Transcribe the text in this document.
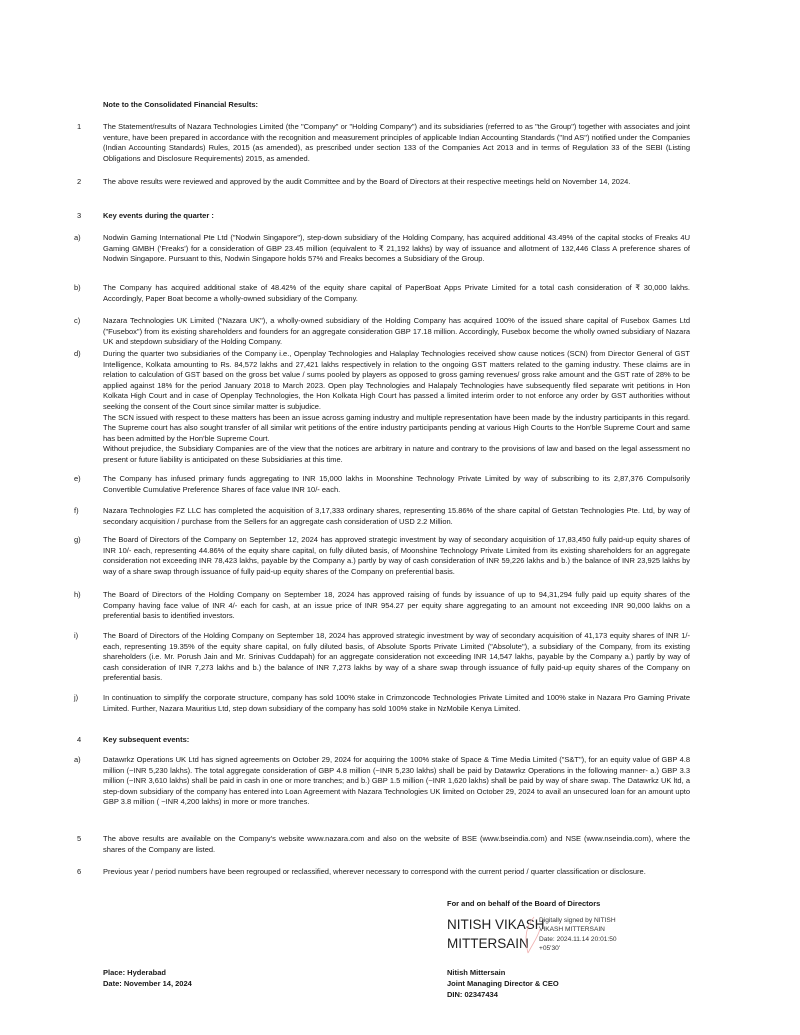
Note to the Consolidated Financial Results:
1	The Statement/results of Nazara Technologies Limited (the "Company" or "Holding Company") and its subsidiaries (referred to as "the Group") together with associates and joint venture, have been prepared in accordance with the recognition and measurement principles of applicable Indian Accounting Standards ("Ind AS") notified under the Companies (Indian Accounting Standards) Rules, 2015 (as amended), as prescribed under section 133 of the Companies Act 2013 and in terms of Regulation 33 of the SEBI (Listing Obligations and Disclosure Requirements) 2015, as amended.
2	The above results were reviewed and approved by the audit Committee and by the Board of Directors at their respective meetings held on November 14, 2024.
3	Key events during the quarter :
a)	Nodwin Gaming International Pte Ltd ("Nodwin Singapore"), step-down subsidiary of the Holding Company, has acquired additional 43.49% of the capital stocks of Freaks 4U Gaming GMBH ('Freaks') for a consideration of GBP 23.45 million (equivalent to ₹ 21,192 lakhs) by way of issuance and allotment of 132,446 Class A preference shares of Nodwin Singapore. Pursuant to this, Nodwin Singapore holds 57% and Freaks becomes a Subsidiary of the Group.
b)	The Company has acquired additional stake of 48.42% of the equity share capital of PaperBoat Apps Private Limited for a total cash consideration of ₹ 30,000 lakhs. Accordingly, Paper Boat become a wholly-owned subsidiary of the Company.
c)	Nazara Technologies UK Limited ("Nazara UK"), a wholly-owned subsidiary of the Holding Company has acquired 100% of the issued share capital of Fusebox Games Ltd ("Fusebox") from its existing shareholders and founders for an aggregate consideration GBP 17.18 million. Accordingly, Fusebox become the wholly owned subsidiary of Nazara UK and stepdown subsidiary of the Holding Company.
d)	During the quarter two subsidiaries of the Company i.e., Openplay Technologies and Halaplay Technologies received show cause notices (SCN) from Director General of GST Intelligence, Kolkata amounting to Rs. 84,572 lakhs and 27,421 lakhs respectively in relation to the ongoing GST matters related to the gaming industry. These claims are in relation to calculation of GST based on the gross bet value / sums pooled by players as opposed to gross gaming revenues/ gross rake amount and the GST rate of 28% to be applied against 18% for the period January 2018 to March 2023. Open play Technologies and Halapaly Technologies have subsequently filed separate writ petitions in Hon Kolkata High Court and in case of Openplay Technologies, the Hon Kolkata High Court has passed a limited interim order to not enforce any order by GST authorities without seeking the consent of the Court since similar matter is subjudice.

The SCN issued with respect to these matters has been an issue across gaming industry and multiple representation have been made by the industry participants in this regard. The Supreme court has also sought transfer of all similar writ petitions of the entire industry participants pending at various High Courts to the Hon'ble Supreme Court and same has been admitted by the Hon'ble Supreme Court.

Without prejudice, the Subsidiary Companies are of the view that the notices are arbitrary in nature and contrary to the provisions of law and based on the legal assessment no present or future liability is anticipated on these Subsidiaries at this time.

e)	The Company has infused primary funds aggregating to INR 15,000 lakhs in Moonshine Technology Private Limited by way of subscribing to its 2,87,376 Compulsorily Convertible Cumulative Preference Shares of face value INR 10/- each.
f)	Nazara Technologies FZ LLC has completed the acquisition of 3,17,333 ordinary shares, representing 15.86% of the share capital of Getstan Technologies Pte. Ltd, by way of secondary acquisition / purchase from the Sellers for an aggregate cash consideration of USD 2.2 Million.
g)	The Board of Directors of the Company on September 12, 2024 has approved strategic investment by way of secondary acquisition of 17,83,450 fully paid-up equity shares of INR 10/- each, representing 44.86% of the equity share capital, on fully diluted basis, of Moonshine Technology Private Limited from its existing shareholders for an aggregate consideration not exceeding INR 78,423 lakhs, payable by the Company a.) partly by way of cash consideration of INR 59,226 lakhs and b.) the balance of INR 23,925 lakhs by way of a share swap through issuance of fully paid-up equity shares of the Company on preferential basis.
h)	The Board of Directors of the Holding Company on September 18, 2024 has approved raising of funds by issuance of up to 94,31,294 fully paid up equity shares of the Company having face value of INR 4/- each for cash, at an issue price of INR 954.27 per equity share aggregating to an amount not exceeding INR 90,000 lakhs on a preferential basis to identified investors.
i)	The Board of Directors of the Holding Company on September 18, 2024 has approved strategic investment by way of secondary acquisition of 41,173 equity shares of INR 1/- each, representing 19.35% of the equity share capital, on fully diluted basis, of Absolute Sports Private Limited ("Absolute"), a subsidiary of the Company, from its existing shareholders (i.e. Mr. Porush Jain and Mr. Srinivas Cuddapah) for an aggregate consideration not exceeding INR 14,547 lakhs, payable by the Company a.) partly by way of cash consideration of INR 7,273 lakhs and b.) the balance of INR 7,273 lakhs by way of a share swap through issuance of fully paid-up equity shares of the Company on preferential basis.
j)	In continuation to simplify the corporate structure, company has sold 100% stake in Crimzoncode Technologies Private Limited and 100% stake in Nazara Pro Gaming Private Limited. Further, Nazara Mauritius Ltd, step down subsidiary of the company has sold 100% stake in NzMobile Kenya Limited.
4	Key subsequent events:
a)	Datawrkz Operations UK Ltd has signed agreements on October 29, 2024 for acquiring the 100% stake of Space & Time Media Limited ("S&T"), for an equity value of GBP 4.8 million (~INR 5,230 lakhs). The total aggregate consideration of GBP 4.8 million (~INR 5,230 lakhs) shall be paid by Datawrkz Operations in the following manner- a.) GBP 3.3 million (~INR 3,610 lakhs) shall be paid in cash in one or more tranches; and b.) GBP 1.5 million (~INR 1,620 lakhs) shall be paid by way of share swap. The Datawrkz UK ltd, a step-down subsidiary of the company has entered into Loan Agreement with Nazara Technologies UK limited on October 29, 2024 to avail an unsecured loan for an amount upto GBP 3.8 million ( ~INR 4,200 lakhs) in more or more tranches.
5	The above results are available on the Company's website www.nazara.com and also on the website of BSE (www.bseindia.com) and NSE (www.nseindia.com), where the shares of the Company are listed.
6	Previous year / period numbers have been regrouped or reclassified, wherever necessary to correspond with the current period / quarter classification or disclosure.
For and on behalf of the Board of Directors
NITISH VIKASH
MITTERSAIN
Digitally signed by NITISH
VIKASH MITTERSAIN
Date: 2024.11.14 20:01:50
+05'30'
Place: Hyderabad
Date: November 14, 2024
Nitish Mittersain
Joint Managing Director & CEO
DIN: 02347434
